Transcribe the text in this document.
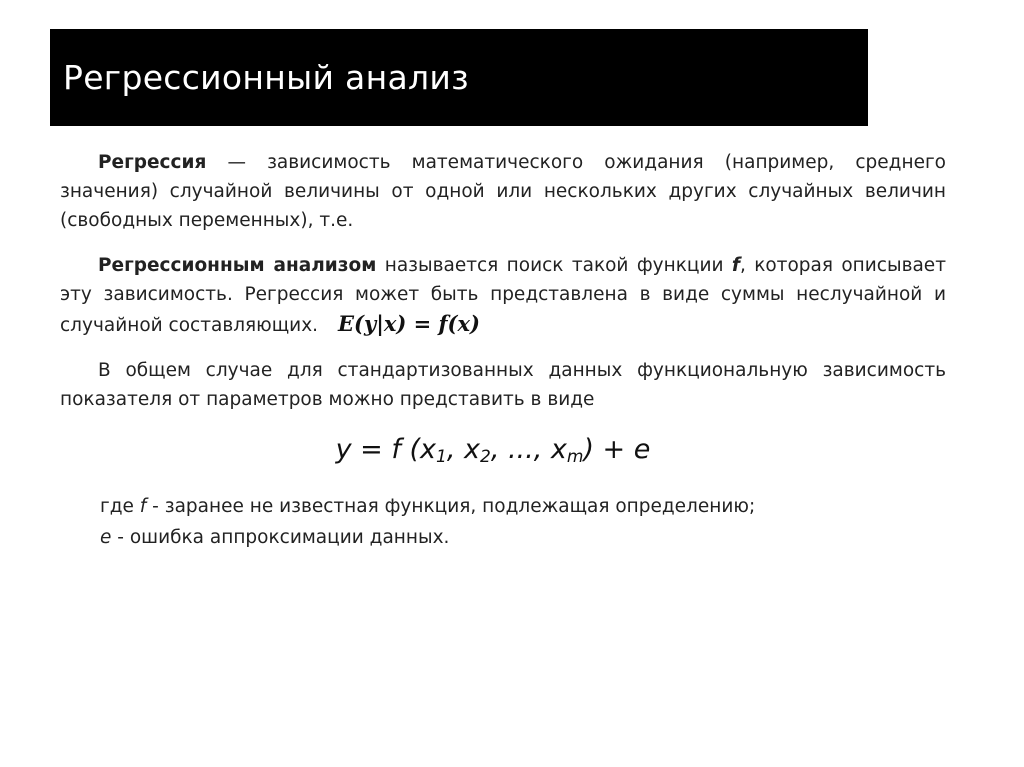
Регрессионный анализ

Регрессия — зависимость математического ожидания (например, среднего значения) случайной величины от одной или нескольких других случайных величин (свободных переменных), т.е.

Регрессионным анализом называется поиск такой функции f, которая описывает эту зависимость. Регрессия может быть представлена в виде суммы неслучайной и случайной составляющих. E(y|x) = f(x)

В общем случае для стандартизованных данных функциональную зависимость показателя от параметров можно представить в виде

y = f ($x_1$, $x_2$, ..., $x_m) + e$

где f - заранее не известная функция, подлежащая определению;

e - ошибка аппроксимации данных.
